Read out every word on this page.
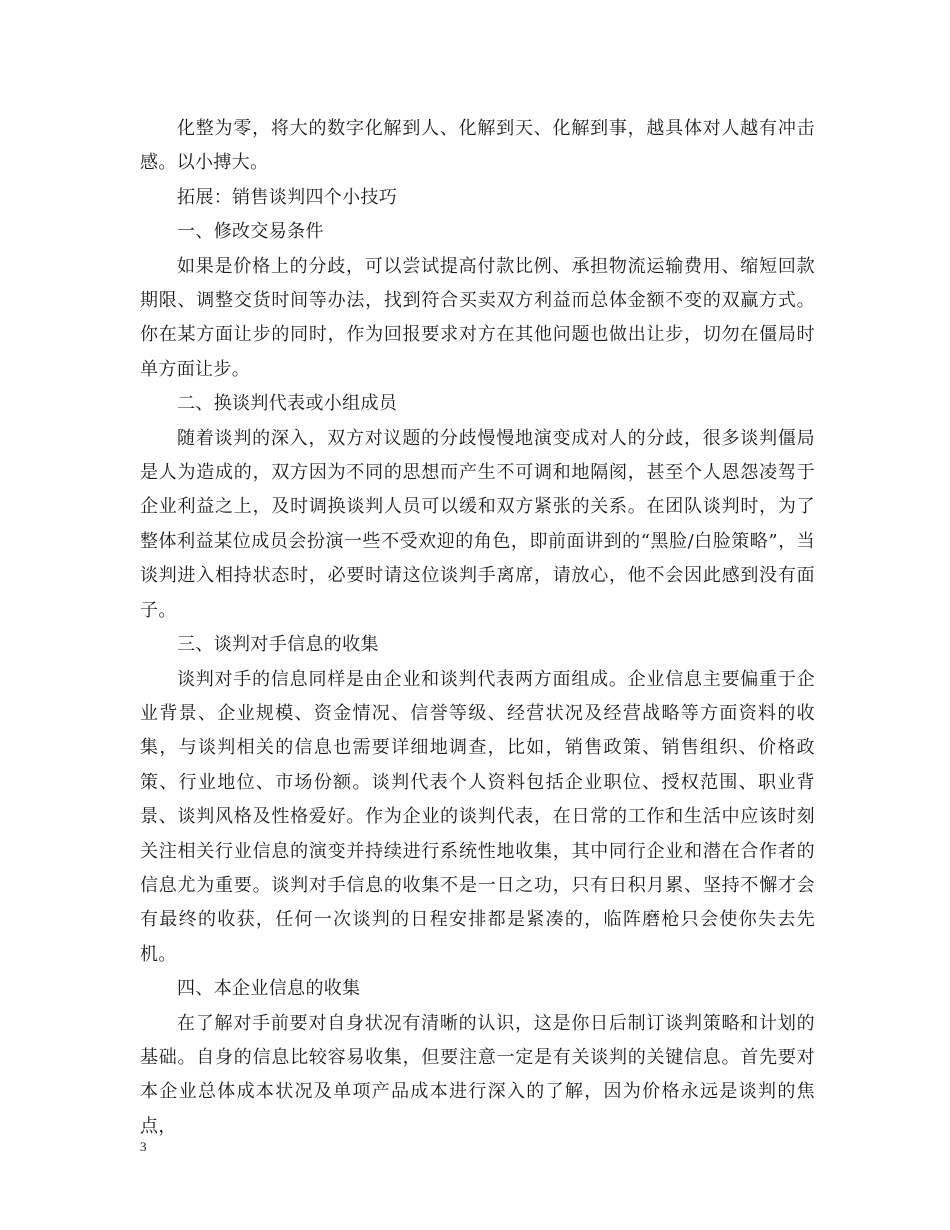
化整为零，将大的数字化解到人、化解到天、化解到事，越具体对人越有冲击感。以小搏大。

拓展：销售谈判四个小技巧

一、修改交易条件

如果是价格上的分歧，可以尝试提高付款比例、承担物流运输费用、缩短回款期限、调整交货时间等办法，找到符合买卖双方利益而总体金额不变的双赢方式。你在某方面让步的同时，作为回报要求对方在其他问题也做出让步，切勿在僵局时单方面让步。

二、换谈判代表或小组成员

随着谈判的深入，双方对议题的分歧慢慢地演变成对人的分歧，很多谈判僵局是人为造成的，双方因为不同的思想而产生不可调和地隔阂，甚至个人恩怨凌驾于企业利益之上，及时调换谈判人员可以缓和双方紧张的关系。在团队谈判时，为了整体利益某位成员会扮演一些不受欢迎的角色，即前面讲到的“黑脸/白脸策略”，当谈判进入相持状态时，必要时请这位谈判手离席，请放心，他不会因此感到没有面子。

三、谈判对手信息的收集

谈判对手的信息同样是由企业和谈判代表两方面组成。企业信息主要偏重于企业背景、企业规模、资金情况、信誉等级、经营状况及经营战略等方面资料的收集，与谈判相关的信息也需要详细地调查，比如，销售政策、销售组织、价格政策、行业地位、市场份额。谈判代表个人资料包括企业职位、授权范围、职业背景、谈判风格及性格爱好。作为企业的谈判代表，在日常的工作和生活中应该时刻关注相关行业信息的演变并持续进行系统性地收集，其中同行企业和潜在合作者的信息尤为重要。谈判对手信息的收集不是一日之功，只有日积月累、坚持不懈才会有最终的收获，任何一次谈判的日程安排都是紧凑的，临阵磨枪只会使你失去先机。

四、本企业信息的收集

在了解对手前要对自身状况有清晰的认识，这是你日后制订谈判策略和计划的基础。自身的信息比较容易收集，但要注意一定是有关谈判的关键信息。首先要对本企业总体成本状况及单项产品成本进行深入的了解，因为价格永远是谈判的焦点，

3
